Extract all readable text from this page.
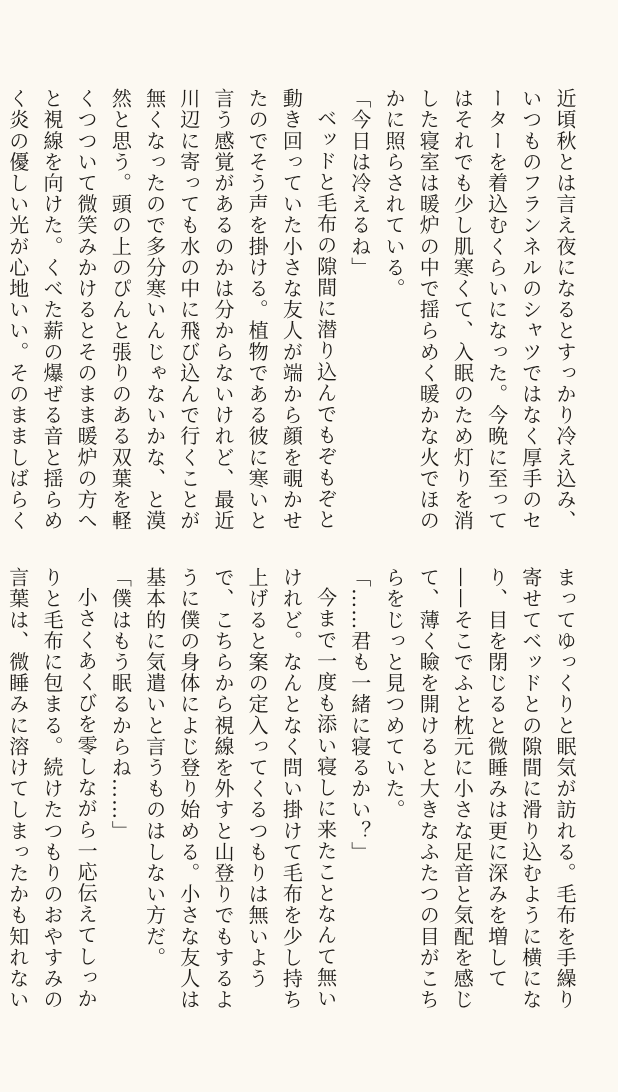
近頃秋とは言え夜になるとすっかり冷え込み、いつものフランネルのシャツではなく厚手のセーターを着込むくらいになった。今晩に至ってはそれでも少し肌寒くて、入眠のため灯りを消した寝室は暖炉の中で揺らめく暖かな火でほのかに照らされている。

「今日は冷えるね」

ベッドと毛布の隙間に潜り込んでもぞもぞと動き回っていた小さな友人が端から顔を覗かせたのでそう声を掛ける。植物である彼に寒いと言う感覚があるのかは分からないけれど、最近川辺に寄っても水の中に飛び込んで行くことが無くなったので多分寒いんじゃないかな、と漠然と思う。頭の上のぴんと張りのある双葉を軽くつついて微笑みかけるとそのまま暖炉の方へと視線を向けた。くべた薪の爆ぜる音と揺らめく炎の優しい光が心地いい。そのまましばらく

まってゆっくりと眠気が訪れる。毛布を手繰り寄せてベッドとの隙間に滑り込むように横になり、目を閉じると微睡みは更に深みを増して——そこでふと枕元に小さな足音と気配を感じて、薄く瞼を開けると大きなふたつの目がこちらをじっと見つめていた。

「……君も一緒に寝るかい？」

今まで一度も添い寝しに来たことなんて無いけれど。なんとなく問い掛けて毛布を少し持ち上げると案の定入ってくるつもりは無いようで、こちらから視線を外すと山登りでもするように僕の身体によじ登り始める。小さな友人は基本的に気遣いと言うものはしない方だ。

「僕はもう眠るからね……」

小さくあくびを零しながら一応伝えてしっかりと毛布に包まる。続けたつもりのおやすみの言葉は、微睡みに溶けてしまったかも知れない
